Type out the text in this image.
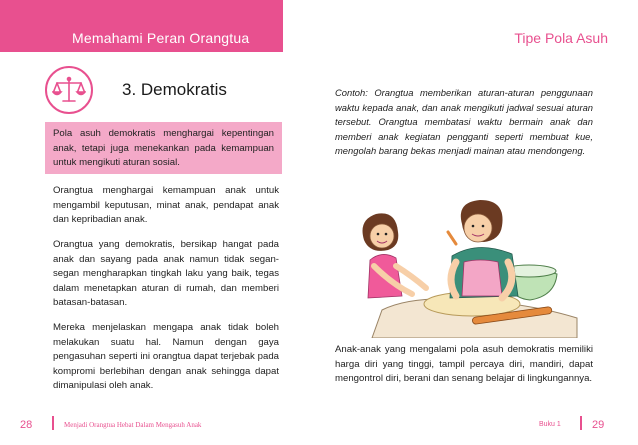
Memahami Peran Orangtua	Tipe Pola Asuh
3. Demokratis
Pola asuh demokratis menghargai kepentingan anak, tetapi juga menekankan pada kemampuan untuk mengikuti aturan sosial.

Orangtua menghargai kemampuan anak untuk mengambil keputusan, minat anak, pendapat anak dan kepribadian anak.

Orangtua yang demokratis, bersikap hangat pada anak dan sayang pada anak namun tidak segan-segan mengharapkan tingkah laku yang baik, tegas dalam menetapkan aturan di rumah, dan memberi batasan-batasan.

Mereka menjelaskan mengapa anak tidak boleh melakukan suatu hal. Namun dengan gaya pengasuhan seperti ini orangtua dapat terjebak pada kompromi berlebihan dengan anak sehingga dapat dimanipulasi oleh anak.

Contoh: Orangtua memberikan aturan-aturan penggunaan waktu kepada anak, dan anak mengikuti jadwal sesuai aturan tersebut. Orangtua membatasi waktu bermain anak dan memberi anak kegiatan pengganti seperti membuat kue, mengolah barang bekas menjadi mainan atau mendongeng.

Anak-anak yang mengalami pola asuh demokratis memiliki harga diri yang tinggi, tampil percaya diri, mandiri, dapat mengontrol diri, berani dan senang belajar di lingkungannya.

28	Menjadi Orangtua Hebat Dalam Mengasuh Anak	Buku 1	29
